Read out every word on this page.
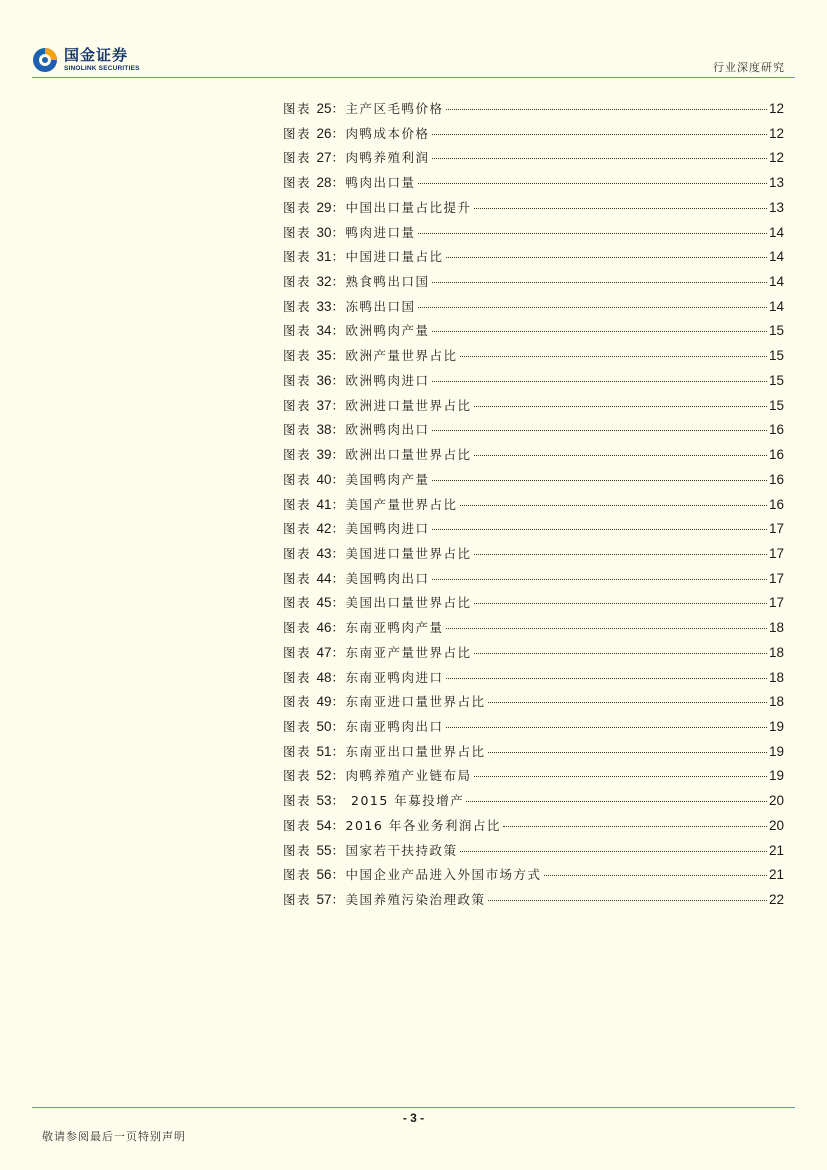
国金证券
SINOLINK SECURITIES	行业深度研究
图表 25：主产区毛鸭价格	12
图表 26：肉鸭成本价格	12
图表 27：肉鸭养殖利润	12
图表 28：鸭肉出口量	13
图表 29：中国出口量占比提升	13
图表 30：鸭肉进口量	14
图表 31：中国进口量占比	14
图表 32：熟食鸭出口国	14
图表 33：冻鸭出口国	14
图表 34：欧洲鸭肉产量	15
图表 35：欧洲产量世界占比	15
图表 36：欧洲鸭肉进口	15
图表 37：欧洲进口量世界占比	15
图表 38：欧洲鸭肉出口	16
图表 39：欧洲出口量世界占比	16
图表 40：美国鸭肉产量	16
图表 41：美国产量世界占比	16
图表 42：美国鸭肉进口	17
图表 43：美国进口量世界占比	17
图表 44：美国鸭肉出口	17
图表 45：美国出口量世界占比	17
图表 46：东南亚鸭肉产量	18
图表 47：东南亚产量世界占比	18
图表 48：东南亚鸭肉进口	18
图表 49：东南亚进口量世界占比	18
图表 50：东南亚鸭肉出口	19
图表 51：东南亚出口量世界占比	19
图表 52：肉鸭养殖产业链布局	19
图表 53： 2015 年募投增产	20
图表 54：2016 年各业务利润占比	20
图表 55：国家若干扶持政策	21
图表 56：中国企业产品进入外国市场方式	21
图表 57：美国养殖污染治理政策	22
- 3 -
敬请参阅最后一页特别声明
